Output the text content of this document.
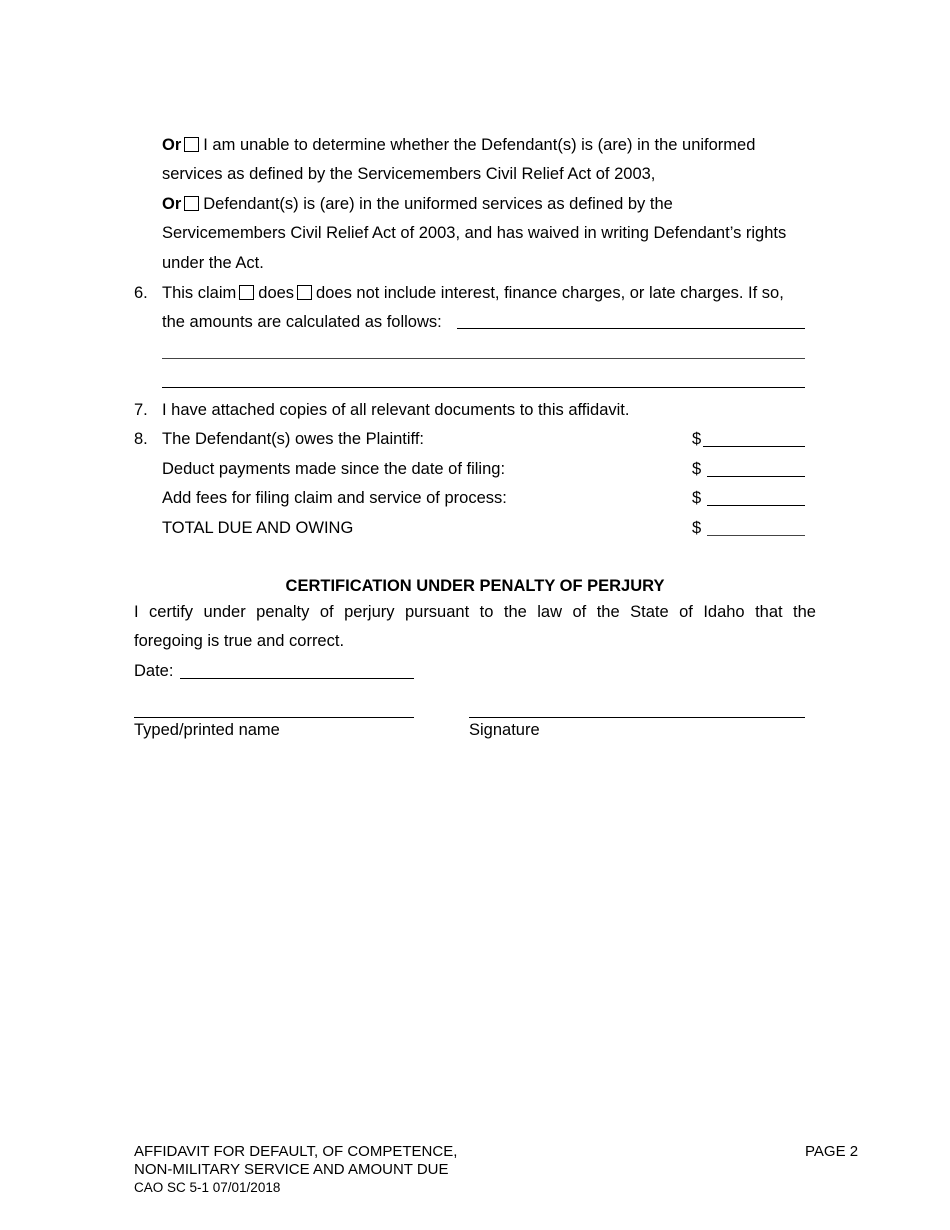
Or I am unable to determine whether the Defendant(s) is (are) in the uniformed
services as defined by the Servicemembers Civil Relief Act of 2003,
Or Defendant(s) is (are) in the uniformed services as defined by the
Servicemembers Civil Relief Act of 2003, and has waived in writing Defendant’s rights
under the Act.
6. This claim does does not include interest, finance charges, or late charges. If so,
the amounts are calculated as follows:
7. I have attached copies of all relevant documents to this affidavit.
8. The Defendant(s) owes the Plaintiff:	$
Deduct payments made since the date of filing:	$
Add fees for filing claim and service of process:	$
TOTAL DUE AND OWING	$
CERTIFICATION UNDER PENALTY OF PERJURY
I certify under penalty of perjury pursuant to the law of the State of Idaho that the
foregoing is true and correct.
Date:
Typed/printed name	Signature
AFFIDAVIT FOR DEFAULT, OF COMPETENCE,
NON-MILITARY SERVICE AND AMOUNT DUE
CAO SC 5-1 07/01/2018
PAGE 2
